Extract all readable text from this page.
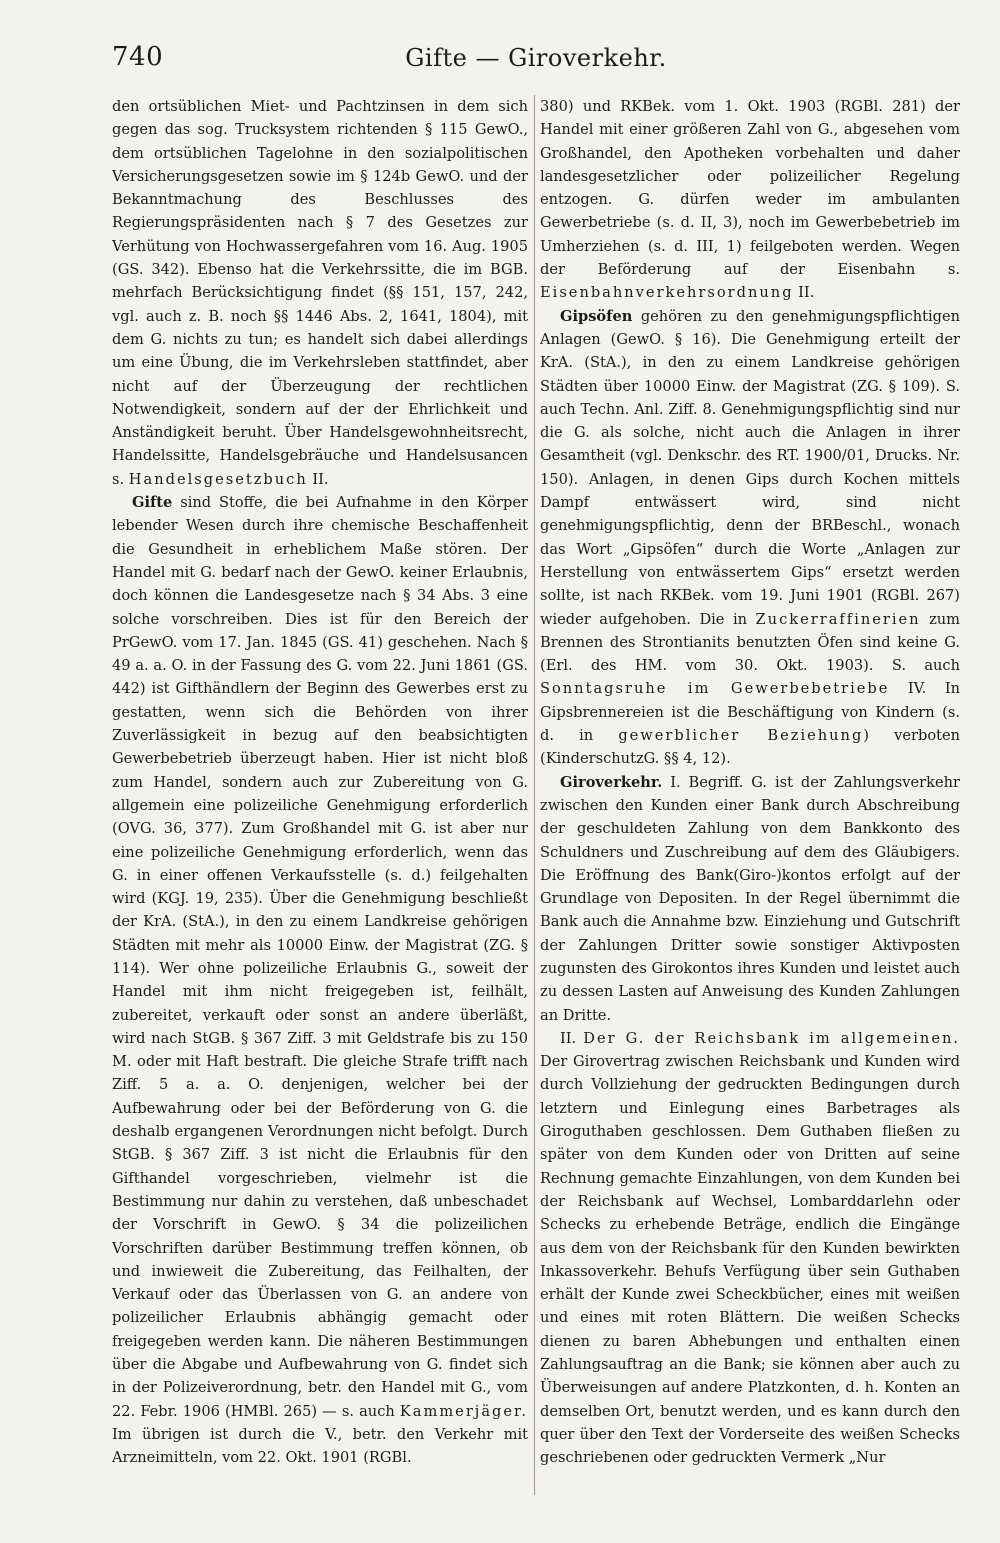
740	Gifte — Giroverkehr.

den ortsüblichen Miet- und Pachtzinsen in dem sich gegen das sog. Trucksystem richtenden § 115 GewO., dem ortsüblichen Tagelohne in den sozialpolitischen Versicherungsgesetzen sowie im § 124b GewO. und der Bekanntmachung des Beschlusses des Regierungspräsidenten nach § 7 des Gesetzes zur Verhütung von Hochwassergefahren vom 16. Aug. 1905 (GS. 342). Ebenso hat die Verkehrssitte, die im BGB. mehrfach Berücksichtigung findet (§§ 151, 157, 242, vgl. auch z. B. noch §§ 1446 Abs. 2, 1641, 1804), mit dem G. nichts zu tun; es handelt sich dabei allerdings um eine Übung, die im Verkehrsleben stattfindet, aber nicht auf der Überzeugung der rechtlichen Notwendigkeit, sondern auf der der Ehrlichkeit und Anständigkeit beruht. Über Handelsgewohnheitsrecht, Handelssitte, Handelsgebräuche und Handelsusancen s. Handelsgesetzbuch II.

Gifte sind Stoffe, die bei Aufnahme in den Körper lebender Wesen durch ihre chemische Beschaffenheit die Gesundheit in erheblichem Maße stören. Der Handel mit G. bedarf nach der GewO. keiner Erlaubnis, doch können die Landesgesetze nach § 34 Abs. 3 eine solche vorschreiben. Dies ist für den Bereich der PrGewO. vom 17. Jan. 1845 (GS. 41) geschehen. Nach § 49 a. a. O. in der Fassung des G. vom 22. Juni 1861 (GS. 442) ist Gifthändlern der Beginn des Gewerbes erst zu gestatten, wenn sich die Behörden von ihrer Zuverlässigkeit in bezug auf den beabsichtigten Gewerbebetrieb überzeugt haben. Hier ist nicht bloß zum Handel, sondern auch zur Zubereitung von G. allgemein eine polizeiliche Genehmigung erforderlich (OVG. 36, 377). Zum Großhandel mit G. ist aber nur eine polizeiliche Genehmigung erforderlich, wenn das G. in einer offenen Verkaufsstelle (s. d.) feilgehalten wird (KGJ. 19, 235). Über die Genehmigung beschließt der KrA. (StA.), in den zu einem Landkreise gehörigen Städten mit mehr als 10000 Einw. der Magistrat (ZG. § 114). Wer ohne polizeiliche Erlaubnis G., soweit der Handel mit ihm nicht freigegeben ist, feilhält, zubereitet, verkauft oder sonst an andere überläßt, wird nach StGB. § 367 Ziff. 3 mit Geldstrafe bis zu 150 M. oder mit Haft bestraft. Die gleiche Strafe trifft nach Ziff. 5 a. a. O. denjenigen, welcher bei der Aufbewahrung oder bei der Beförderung von G. die deshalb ergangenen Verordnungen nicht befolgt. Durch StGB. § 367 Ziff. 3 ist nicht die Erlaubnis für den Gifthandel vorgeschrieben, vielmehr ist die Bestimmung nur dahin zu verstehen, daß unbeschadet der Vorschrift in GewO. § 34 die polizeilichen Vorschriften darüber Bestimmung treffen können, ob und inwieweit die Zubereitung, das Feilhalten, der Verkauf oder das Überlassen von G. an andere von polizeilicher Erlaubnis abhängig gemacht oder freigegeben werden kann. Die näheren Bestimmungen über die Abgabe und Aufbewahrung von G. findet sich in der Polizeiverordnung, betr. den Handel mit G., vom 22. Febr. 1906 (HMBl. 265) — s. auch Kammerjäger. Im übrigen ist durch die V., betr. den Verkehr mit Arzneimitteln, vom 22. Okt. 1901 (RGBl.

380) und RKBek. vom 1. Okt. 1903 (RGBl. 281) der Handel mit einer größeren Zahl von G., abgesehen vom Großhandel, den Apotheken vorbehalten und daher landesgesetzlicher oder polizeilicher Regelung entzogen. G. dürfen weder im ambulanten Gewerbetriebe (s. d. II, 3), noch im Gewerbebetrieb im Umherziehen (s. d. III, 1) feilgeboten werden. Wegen der Beförderung auf der Eisenbahn s. Eisenbahnverkehrsordnung II.

Gipsöfen gehören zu den genehmigungspflichtigen Anlagen (GewO. § 16). Die Genehmigung erteilt der KrA. (StA.), in den zu einem Landkreise gehörigen Städten über 10000 Einw. der Magistrat (ZG. § 109). S. auch Techn. Anl. Ziff. 8. Genehmigungspflichtig sind nur die G. als solche, nicht auch die Anlagen in ihrer Gesamtheit (vgl. Denkschr. des RT. 1900/01, Drucks. Nr. 150). Anlagen, in denen Gips durch Kochen mittels Dampf entwässert wird, sind nicht genehmigungspflichtig, denn der BRBeschl., wonach das Wort „Gipsöfen“ durch die Worte „Anlagen zur Herstellung von entwässertem Gips“ ersetzt werden sollte, ist nach RKBek. vom 19. Juni 1901 (RGBl. 267) wieder aufgehoben. Die in Zuckerraffinerien zum Brennen des Strontianits benutzten Öfen sind keine G. (Erl. des HM. vom 30. Okt. 1903). S. auch Sonntagsruhe im Gewerbebetriebe IV. In Gipsbrennereien ist die Beschäftigung von Kindern (s. d. in gewerblicher Beziehung) verboten (KinderschutzG. §§ 4, 12).

Giroverkehr. I. Begriff. G. ist der Zahlungsverkehr zwischen den Kunden einer Bank durch Abschreibung der geschuldeten Zahlung von dem Bankkonto des Schuldners und Zuschreibung auf dem des Gläubigers. Die Eröffnung des Bank(Giro-)kontos erfolgt auf der Grundlage von Depositen. In der Regel übernimmt die Bank auch die Annahme bzw. Einziehung und Gutschrift der Zahlungen Dritter sowie sonstiger Aktivposten zugunsten des Girokontos ihres Kunden und leistet auch zu dessen Lasten auf Anweisung des Kunden Zahlungen an Dritte.

II. Der G. der Reichsbank im allgemeinen. Der Girovertrag zwischen Reichsbank und Kunden wird durch Vollziehung der gedruckten Bedingungen durch letztern und Einlegung eines Barbetrages als Giroguthaben geschlossen. Dem Guthaben fließen zu später von dem Kunden oder von Dritten auf seine Rechnung gemachte Einzahlungen, von dem Kunden bei der Reichsbank auf Wechsel, Lombarddarlehn oder Schecks zu erhebende Beträge, endlich die Eingänge aus dem von der Reichsbank für den Kunden bewirkten Inkassoverkehr. Behufs Verfügung über sein Guthaben erhält der Kunde zwei Scheckbücher, eines mit weißen und eines mit roten Blättern. Die weißen Schecks dienen zu baren Abhebungen und enthalten einen Zahlungsauftrag an die Bank; sie können aber auch zu Überweisungen auf andere Platzkonten, d. h. Konten an demselben Ort, benutzt werden, und es kann durch den quer über den Text der Vorderseite des weißen Schecks geschriebenen oder gedruckten Vermerk „Nur
